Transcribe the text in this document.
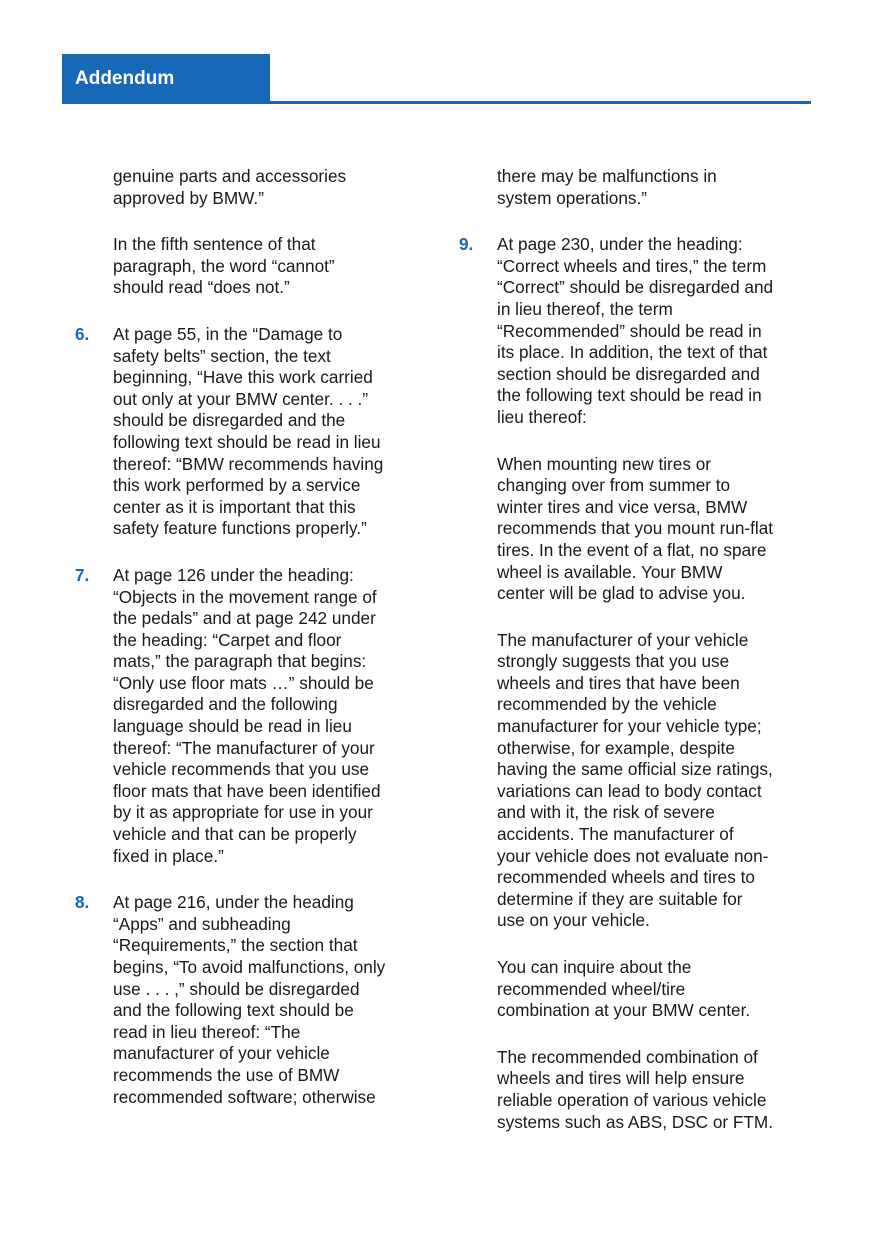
Addendum

genuine parts and accessories
approved by BMW.”

In the fifth sentence of that
paragraph, the word “cannot”
should read “does not.”

6. At page 55, in the “Damage to
safety belts” section, the text
beginning, “Have this work carried
out only at your BMW center. . . .”
should be disregarded and the
following text should be read in lieu
thereof: “BMW recommends having
this work performed by a service
center as it is important that this
safety feature functions properly.”
7. At page 126 under the heading:
“Objects in the movement range of
the pedals” and at page 242 under
the heading: “Carpet and floor
mats,” the paragraph that begins:
“Only use floor mats …” should be
disregarded and the following
language should be read in lieu
thereof: “The manufacturer of your
vehicle recommends that you use
floor mats that have been identified
by it as appropriate for use in your
vehicle and that can be properly
fixed in place.”
8. At page 216, under the heading
“Apps” and subheading
“Requirements,” the section that
begins, “To avoid malfunctions, only
use . . . ,” should be disregarded
and the following text should be
read in lieu thereof: “The
manufacturer of your vehicle
recommends the use of BMW
recommended software; otherwise

there may be malfunctions in
system operations.”

9. At page 230, under the heading:
“Correct wheels and tires,” the term
“Correct” should be disregarded and
in lieu thereof, the term
“Recommended” should be read in
its place. In addition, the text of that
section should be disregarded and
the following text should be read in
lieu thereof:

When mounting new tires or
changing over from summer to
winter tires and vice versa, BMW
recommends that you mount run-flat
tires. In the event of a flat, no spare
wheel is available. Your BMW
center will be glad to advise you.

The manufacturer of your vehicle
strongly suggests that you use
wheels and tires that have been
recommended by the vehicle
manufacturer for your vehicle type;
otherwise, for example, despite
having the same official size ratings,
variations can lead to body contact
and with it, the risk of severe
accidents. The manufacturer of
your vehicle does not evaluate non-
recommended wheels and tires to
determine if they are suitable for
use on your vehicle.

You can inquire about the
recommended wheel/tire
combination at your BMW center.

The recommended combination of
wheels and tires will help ensure
reliable operation of various vehicle
systems such as ABS, DSC or FTM.
